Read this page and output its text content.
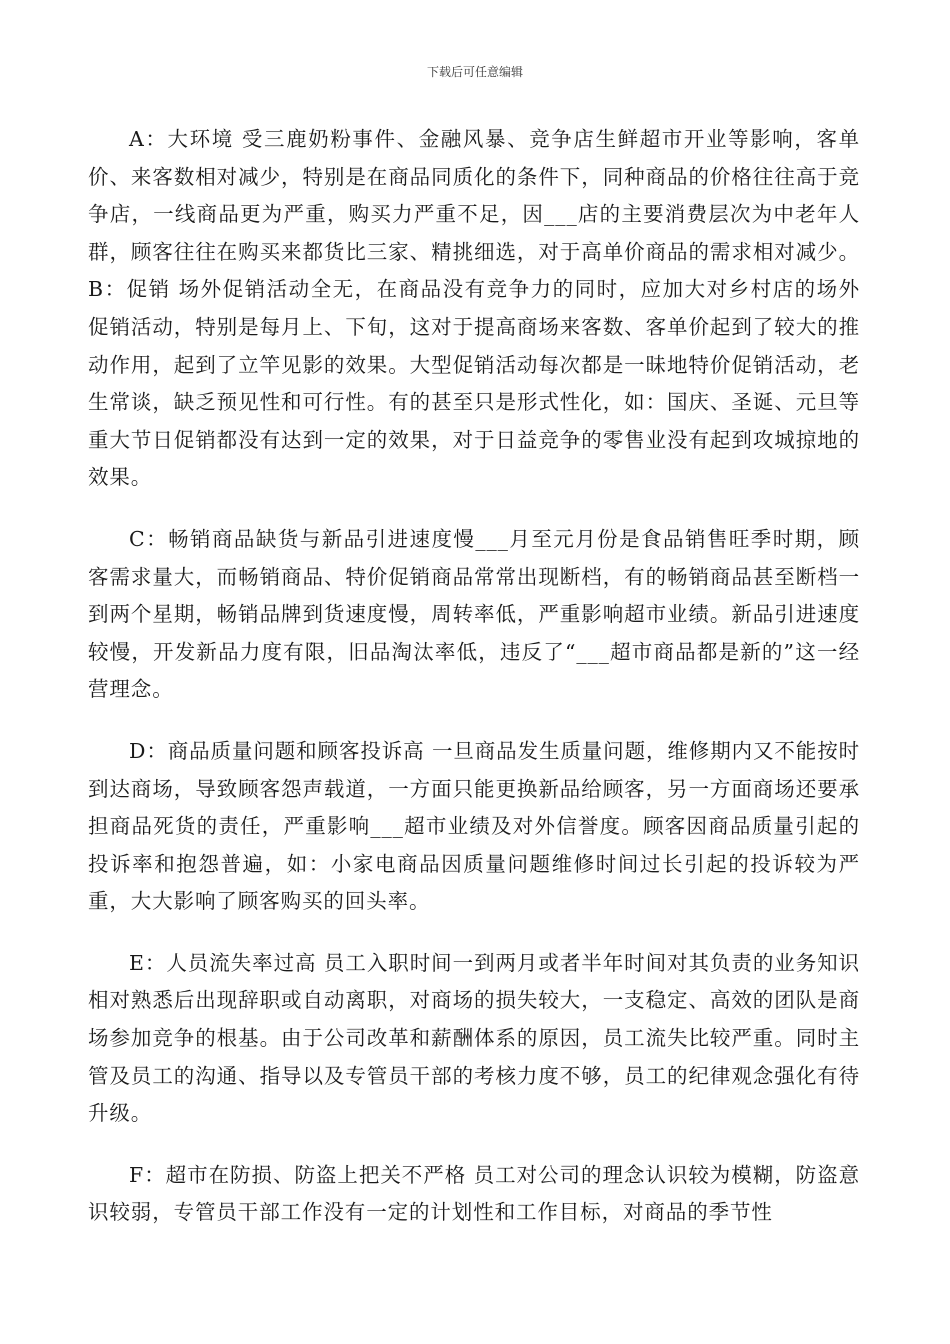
下载后可任意编辑

A：大环境 受三鹿奶粉事件、金融风暴、竞争店生鲜超市开业等影响，客单价、来客数相对减少，特别是在商品同质化的条件下，同种商品的价格往往高于竞争店，一线商品更为严重，购买力严重不足，因___店的主要消费层次为中老年人群，顾客往往在购买来都货比三家、精挑细选，对于高单价商品的需求相对减少。 B：促销 场外促销活动全无，在商品没有竞争力的同时，应加大对乡村店的场外促销活动，特别是每月上、下旬，这对于提高商场来客数、客单价起到了较大的推动作用，起到了立竿见影的效果。大型促销活动每次都是一昧地特价促销活动，老生常谈，缺乏预见性和可行性。有的甚至只是形式性化，如：国庆、圣诞、元旦等重大节日促销都没有达到一定的效果，对于日益竞争的零售业没有起到攻城掠地的效果。

C：畅销商品缺货与新品引进速度慢___月至元月份是食品销售旺季时期，顾客需求量大，而畅销商品、特价促销商品常常出现断档，有的畅销商品甚至断档一到两个星期，畅销品牌到货速度慢，周转率低，严重影响超市业绩。新品引进速度较慢，开发新品力度有限，旧品淘汰率低，违反了“___超市商品都是新的”这一经营理念。

D：商品质量问题和顾客投诉高 一旦商品发生质量问题，维修期内又不能按时到达商场，导致顾客怨声载道，一方面只能更换新品给顾客，另一方面商场还要承担商品死货的责任，严重影响___超市业绩及对外信誉度。顾客因商品质量引起的投诉率和抱怨普遍，如：小家电商品因质量问题维修时间过长引起的投诉较为严重，大大影响了顾客购买的回头率。

E：人员流失率过高 员工入职时间一到两月或者半年时间对其负责的业务知识相对熟悉后出现辞职或自动离职，对商场的损失较大，一支稳定、高效的团队是商场参加竞争的根基。由于公司改革和薪酬体系的原因，员工流失比较严重。同时主管及员工的沟通、指导以及专管员干部的考核力度不够，员工的纪律观念强化有待升级。

F：超市在防损、防盗上把关不严格 员工对公司的理念认识较为模糊，防盗意识较弱，专管员干部工作没有一定的计划性和工作目标，对商品的季节性
